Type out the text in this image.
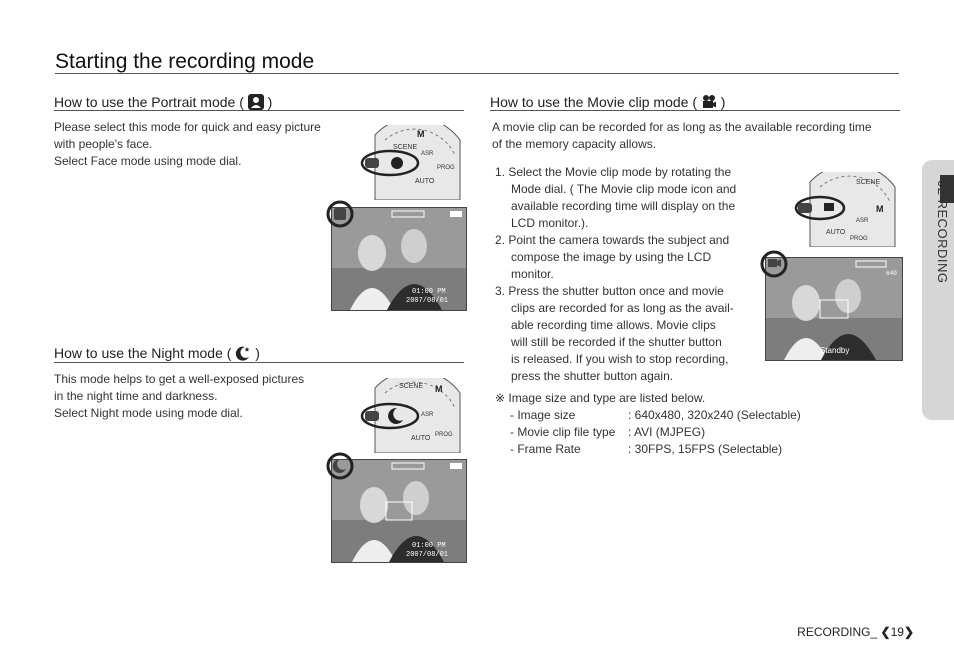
Starting the recording mode
02 RECORDING
How to use the Portrait mode ( )
Please select this mode for quick and easy picture
with people's face.
Select Face mode using mode dial.
SCENE
M
ASR
PROG
AUTO
01:00 PM
2007/08/01
How to use the Night mode ( )
This mode helps to get a well-exposed pictures
in the night time and darkness.
Select Night mode using mode dial.
SCENE M
ASR
PROG
AUTO
01:00 PM
2007/08/01
How to use the Movie clip mode ( )
A movie clip can be recorded for as long as the available recording time
of the memory capacity allows.
1. Select the Movie clip mode by rotating the
Mode dial. ( The Movie clip mode icon and
available recording time will display on the
LCD monitor.).
2. Point the camera towards the subject and
compose the image by using the LCD
monitor.
3. Press the shutter button once and movie
clips are recorded for as long as the avail-
able recording time allows. Movie clips
will still be recorded if the shutter button
is released. If you wish to stop recording,
press the shutter button again.
※ Image size and type are listed below.
- Image size	: 640x480, 320x240 (Selectable)
- Movie clip file type : AVI (MJPEG)
- Frame Rate	: 30FPS, 15FPS (Selectable)
SCENE
M
ASR
PROG
AUTO
640
Standby
RECORDING_ ❮19❯
